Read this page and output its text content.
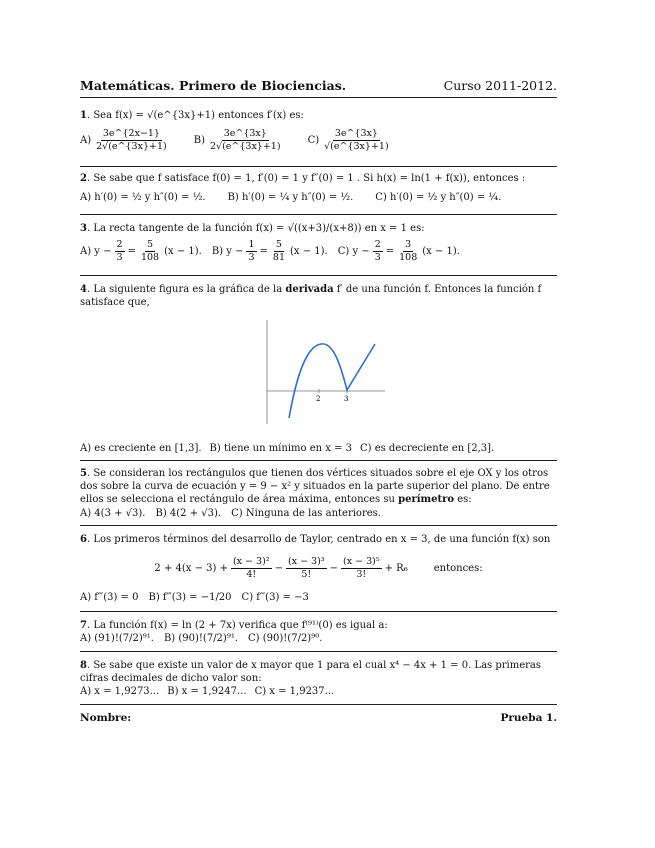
Matemáticas. Primero de Biociencias.	Curso 2011-2012.
1. Sea f(x) = √(e^{3x}+1) entonces f′(x) es:
$A) \frac{3e\^{}\{2x-1\}}{2√(e\^{}\{3x\}+1)}$	$B) \frac{3e\^{}\{3x\}}{2√(e\^{}\{3x\}+1)}$	$C) \frac{3e\^{}\{3x\}}{√(e\^{}\{3x\}+1)}$
2. Se sabe que f satisface f(0) = 1, f′(0) = 1 y f″(0) = 1 . Si h(x) = ln(1 + f(x)), entonces :
A) h′(0) = ½ y h″(0) = ½. B) h′(0) = ¼ y h″(0) = ½. C) h′(0) = ½ y h″(0) = ¼.
3. La recta tangente de la función f(x) = √((x+3)/(x+8)) en x = 1 es:
A) $y - \frac{2}{3} = \frac{5}{108} (x - 1)$. B) $y - \frac{1}{3} = \frac{5}{81} (x - 1)$. C) $y - \frac{2}{3} = \frac{3}{108} (x - 1)$.
4. La siguiente figura es la gráfica de la derivada f′ de una función f. Entonces la función f satisface que,
2	3
A) es creciente en [1,3]. B) tiene un mínimo en x = 3 C) es decreciente en [2,3].
5. Se consideran los rectángulos que tienen dos vértices situados sobre el eje OX y los otros dos sobre la curva de ecuación y = 9 − x² y situados en la parte superior del plano. De entre ellos se selecciona el rectángulo de área máxima, entonces su perímetro es:
A) 4(3 + √3). B) 4(2 + √3). C) Ninguna de las anteriores.
6. Los primeros términos del desarrollo de Taylor, centrado en x = 3, de una función f(x) son
$2 + 4(x - 3) + \frac{\text{(x − 3)²}}{4!} - \frac{\text{(x − 3)³}}{5!} - \frac{\text{(x − 3)⁵}}{3!} + R_6$	entonces:
A) f‴(3) = 0 B) f‴(3) = −1/20 C) f‴(3) = −3
7. La función f(x) = ln (2 + 7x) verifica que f⁽⁹¹⁾(0) es igual a:
A) (91)!(7/2)⁹¹. B) (90)!(7/2)⁹¹. C) (90)!(7/2)⁹⁰.
8. Se sabe que existe un valor de x mayor que 1 para el cual x⁴ − 4x + 1 = 0. Las primeras cifras decimales de dicho valor son:
A) x = 1,9273... B) x = 1,9247... C) x = 1,9237...
Nombre:	Prueba 1.
